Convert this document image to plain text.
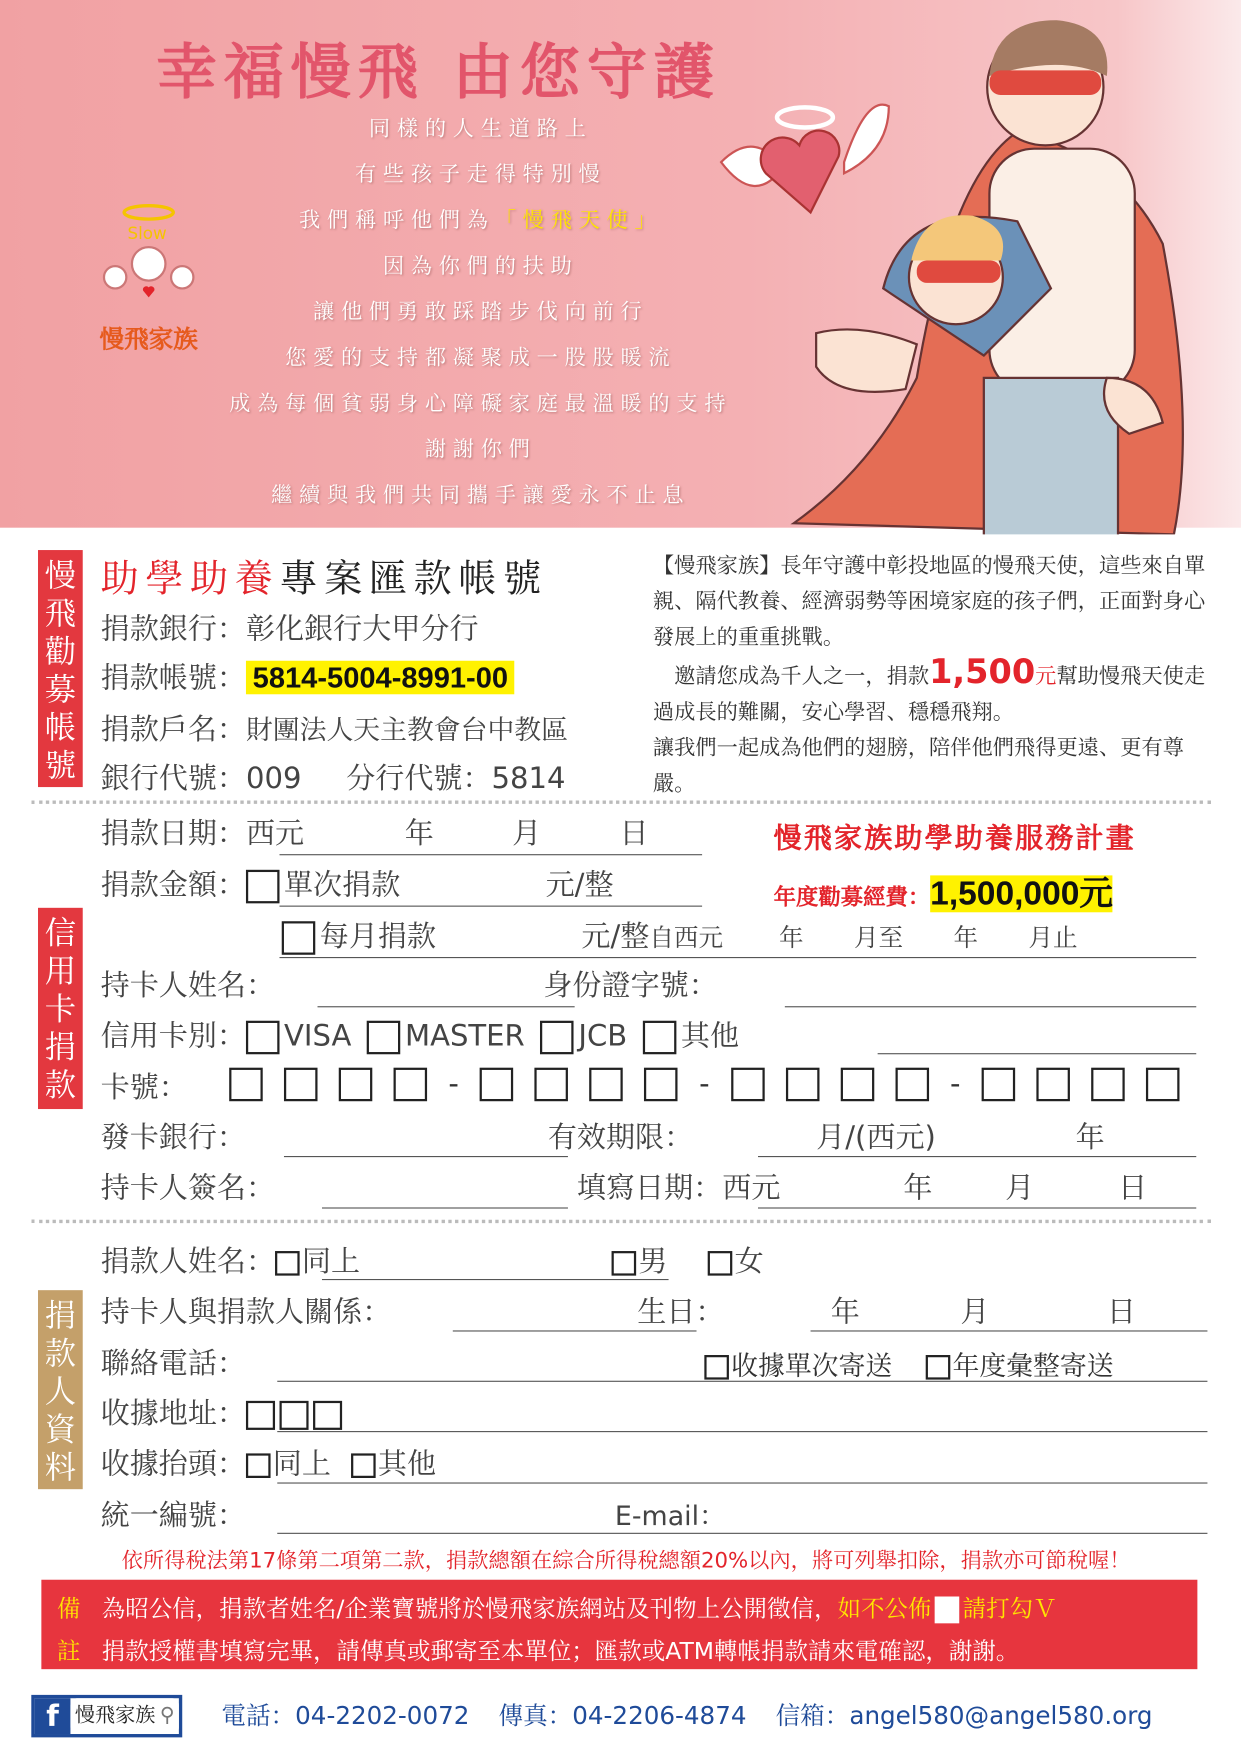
幸福慢飛 由您守護
同樣的人生道路上
有些孩子走得特別慢
我們稱呼他們為「慢飛天使」
因為你們的扶助
讓他們勇敢踩踏步伐向前行
您愛的支持都凝聚成一股股暖流
成為每個貧弱身心障礙家庭最溫暖的支持
謝謝你們
繼續與我們共同攜手讓愛永不止息
Slow
慢飛家族
慢飛勸募帳號
助學助養專案匯款帳號
捐款銀行：彰化銀行大甲分行
捐款帳號： 5814-5004-8991-00
捐款戶名：財團法人天主教會台中教區
銀行代號：009 分行代號：5814
【慢飛家族】長年守護中彰投地區的慢飛天使，這些來自單親、隔代教養、經濟弱勢等困境家庭的孩子們，正面對身心發展上的重重挑戰。
邀請您成為千人之一，捐款1,500元幫助慢飛天使走過成長的難關，安心學習、穩穩飛翔。
讓我們一起成為他們的翅膀，陪伴他們飛得更遠、更有尊嚴。
信用卡捐款
捐款日期：西元	年	月	日
捐款金額： 單次捐款	元/整
每月捐款	元/整自西元	年 月至 年 月止
慢飛家族助學助養服務計畫
年度勸募經費：1,500,000元
持卡人姓名：	身份證字號：
信用卡別： VISA MASTER JCB 其他
卡號：	-	-	-
發卡銀行：	有效期限：	月/(西元)	年
持卡人簽名：	填寫日期：西元	年	月	日
捐款人資料
捐款人姓名： 同上	男	女
持卡人與捐款人關係：	生日：	年	月	日
聯絡電話：	收據單次寄送	年度彙整寄送
收據地址：
收據抬頭： 同上 其他
統一編號：	E-mail：
依所得稅法第17條第二項第二款，捐款總額在綜合所得稅總額20%以內，將可列舉扣除，捐款亦可節稅喔！
備
註
為昭公信，捐款者姓名/企業寶號將於慢飛家族網站及刊物上公開徵信，如不公佈 請打勾Ｖ
捐款授權書填寫完畢，請傳真或郵寄至本單位；匯款或ATM轉帳捐款請來電確認，謝謝。
f 慢飛家族 ⚲ 電話：04-2202-0072 傳真：04-2206-4874 信箱：angel580@angel580.org
